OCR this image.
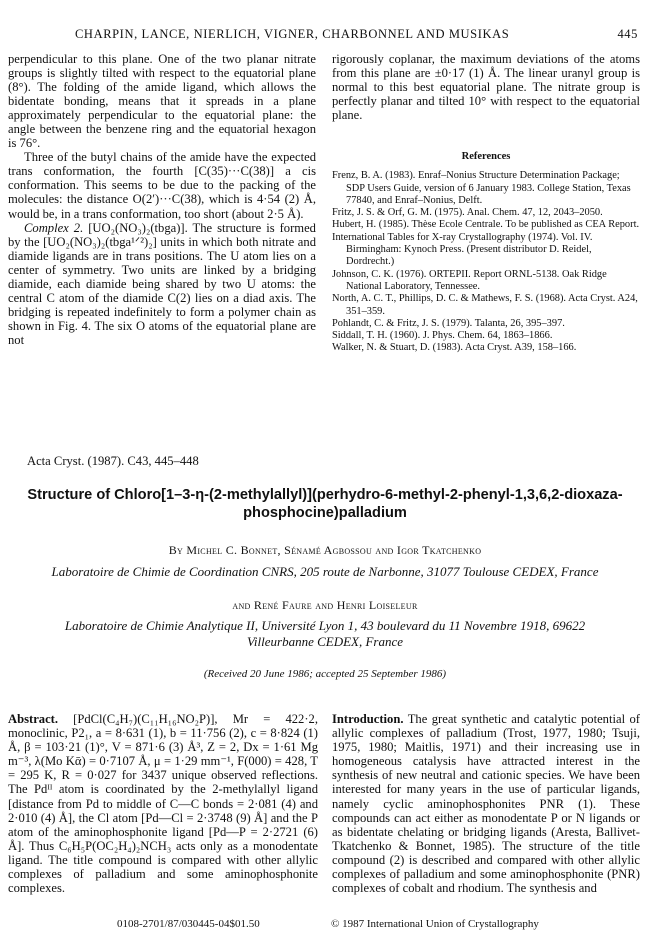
CHARPIN, LANCE, NIERLICH, VIGNER, CHARBONNEL AND MUSIKAS	445

perpendicular to this plane. One of the two planar nitrate groups is slightly tilted with respect to the equatorial plane (8°). The folding of the amide ligand, which allows the bidentate bonding, means that it spreads in a plane approximately perpendicular to the equatorial plane: the angle between the benzene ring and the equatorial hexagon is 76°.

Three of the butyl chains of the amide have the expected trans conformation, the fourth [C(35)···C(38)] a cis conformation. This seems to be due to the packing of the molecules: the distance O(2′)···C(38), which is 4·54 (2) Å, would be, in a trans conformation, too short (about 2·5 Å).

Complex 2. [UO₂(NO₃)₂(tbga)]. The structure is formed by the [UO₂(NO₃)₂(tbga¹ᐟ²)₂] units in which both nitrate and diamide ligands are in trans positions. The U atom lies on a center of symmetry. Two units are linked by a bridging diamide, each diamide being shared by two U atoms: the central C atom of the diamide C(2) lies on a diad axis. The bridging is repeated indefinitely to form a polymer chain as shown in Fig. 4. The six O atoms of the equatorial plane are not

rigorously coplanar, the maximum deviations of the atoms from this plane are ±0·17 (1) Å. The linear uranyl group is normal to this best equatorial plane. The nitrate group is perfectly planar and tilted 10° with respect to the equatorial plane.

References
Frenz, B. A. (1983). Enraf–Nonius Structure Determination Package; SDP Users Guide, version of 6 January 1983. College Station, Texas 77840, and Enraf–Nonius, Delft.
Fritz, J. S. & Orf, G. M. (1975). Anal. Chem. 47, 12, 2043–2050.
Hubert, H. (1985). Thèse Ecole Centrale. To be published as CEA Report.
International Tables for X-ray Crystallography (1974). Vol. IV. Birmingham: Kynoch Press. (Present distributor D. Reidel, Dordrecht.)
Johnson, C. K. (1976). ORTEPII. Report ORNL-5138. Oak Ridge National Laboratory, Tennessee.
North, A. C. T., Phillips, D. C. & Mathews, F. S. (1968). Acta Cryst. A24, 351–359.
Pohlandt, C. & Fritz, J. S. (1979). Talanta, 26, 395–397.
Siddall, T. H. (1960). J. Phys. Chem. 64, 1863–1866.
Walker, N. & Stuart, D. (1983). Acta Cryst. A39, 158–166.
Acta Cryst. (1987). C43, 445–448
Structure of Chloro[1–3-η-(2-methylallyl)](perhydro-6-methyl-2-phenyl-1,3,6,2-dioxaza-
phosphocine)palladium
By Michel C. Bonnet, Sénamé Agbossou and Igor Tkatchenko
Laboratoire de Chimie de Coordination CNRS, 205 route de Narbonne, 31077 Toulouse CEDEX, France
and René Faure and Henri Loiseleur
Laboratoire de Chimie Analytique II, Université Lyon 1, 43 boulevard du 11 Novembre 1918, 69622 Villeurbanne CEDEX, France
(Received 20 June 1986; accepted 25 September 1986)

Abstract. [PdCl(C₄H₇)(C₁₁H₁₆NO₂P)], Mr = 422·2, monoclinic, P2₁, a = 8·631 (1), b = 11·756 (2), c = 8·824 (1) Å, β = 103·21 (1)°, V = 871·6 (3) Å³, Z = 2, Dx = 1·61 Mg m⁻³, λ(Mo Kᾱ) = 0·7107 Å, μ = 1·29 mm⁻¹, F(000) = 428, T = 295 K, R = 0·027 for 3437 unique observed reflections. The Pdᴵᴵ atom is coordinated by the 2-methylallyl ligand [distance from Pd to middle of C—C bonds = 2·081 (4) and 2·010 (4) Å], the Cl atom [Pd—Cl = 2·3748 (9) Å] and the P atom of the aminophosphonite ligand [Pd—P = 2·2721 (6) Å]. Thus C₆H₅P(OC₂H₄)₂NCH₃ acts only as a monodentate ligand. The title compound is compared with other allylic complexes of palladium and some aminophosphonite complexes.

Introduction. The great synthetic and catalytic potential of allylic complexes of palladium (Trost, 1977, 1980; Tsuji, 1975, 1980; Maitlis, 1971) and their increasing use in homogeneous catalysis have attracted interest in the synthesis of new neutral and cationic species. We have been interested for many years in the use of particular ligands, namely cyclic aminophosphonites PNR (1). These compounds can act either as monodentate P or N ligands or as bidentate chelating or bridging ligands (Aresta, Ballivet-Tkatchenko & Bonnet, 1985). The structure of the title compound (2) is described and compared with other allylic complexes of palladium and some aminophosphonite (PNR) complexes of cobalt and rhodium. The synthesis and

0108-2701/87/030445-04$01.50	© 1987 International Union of Crystallography
